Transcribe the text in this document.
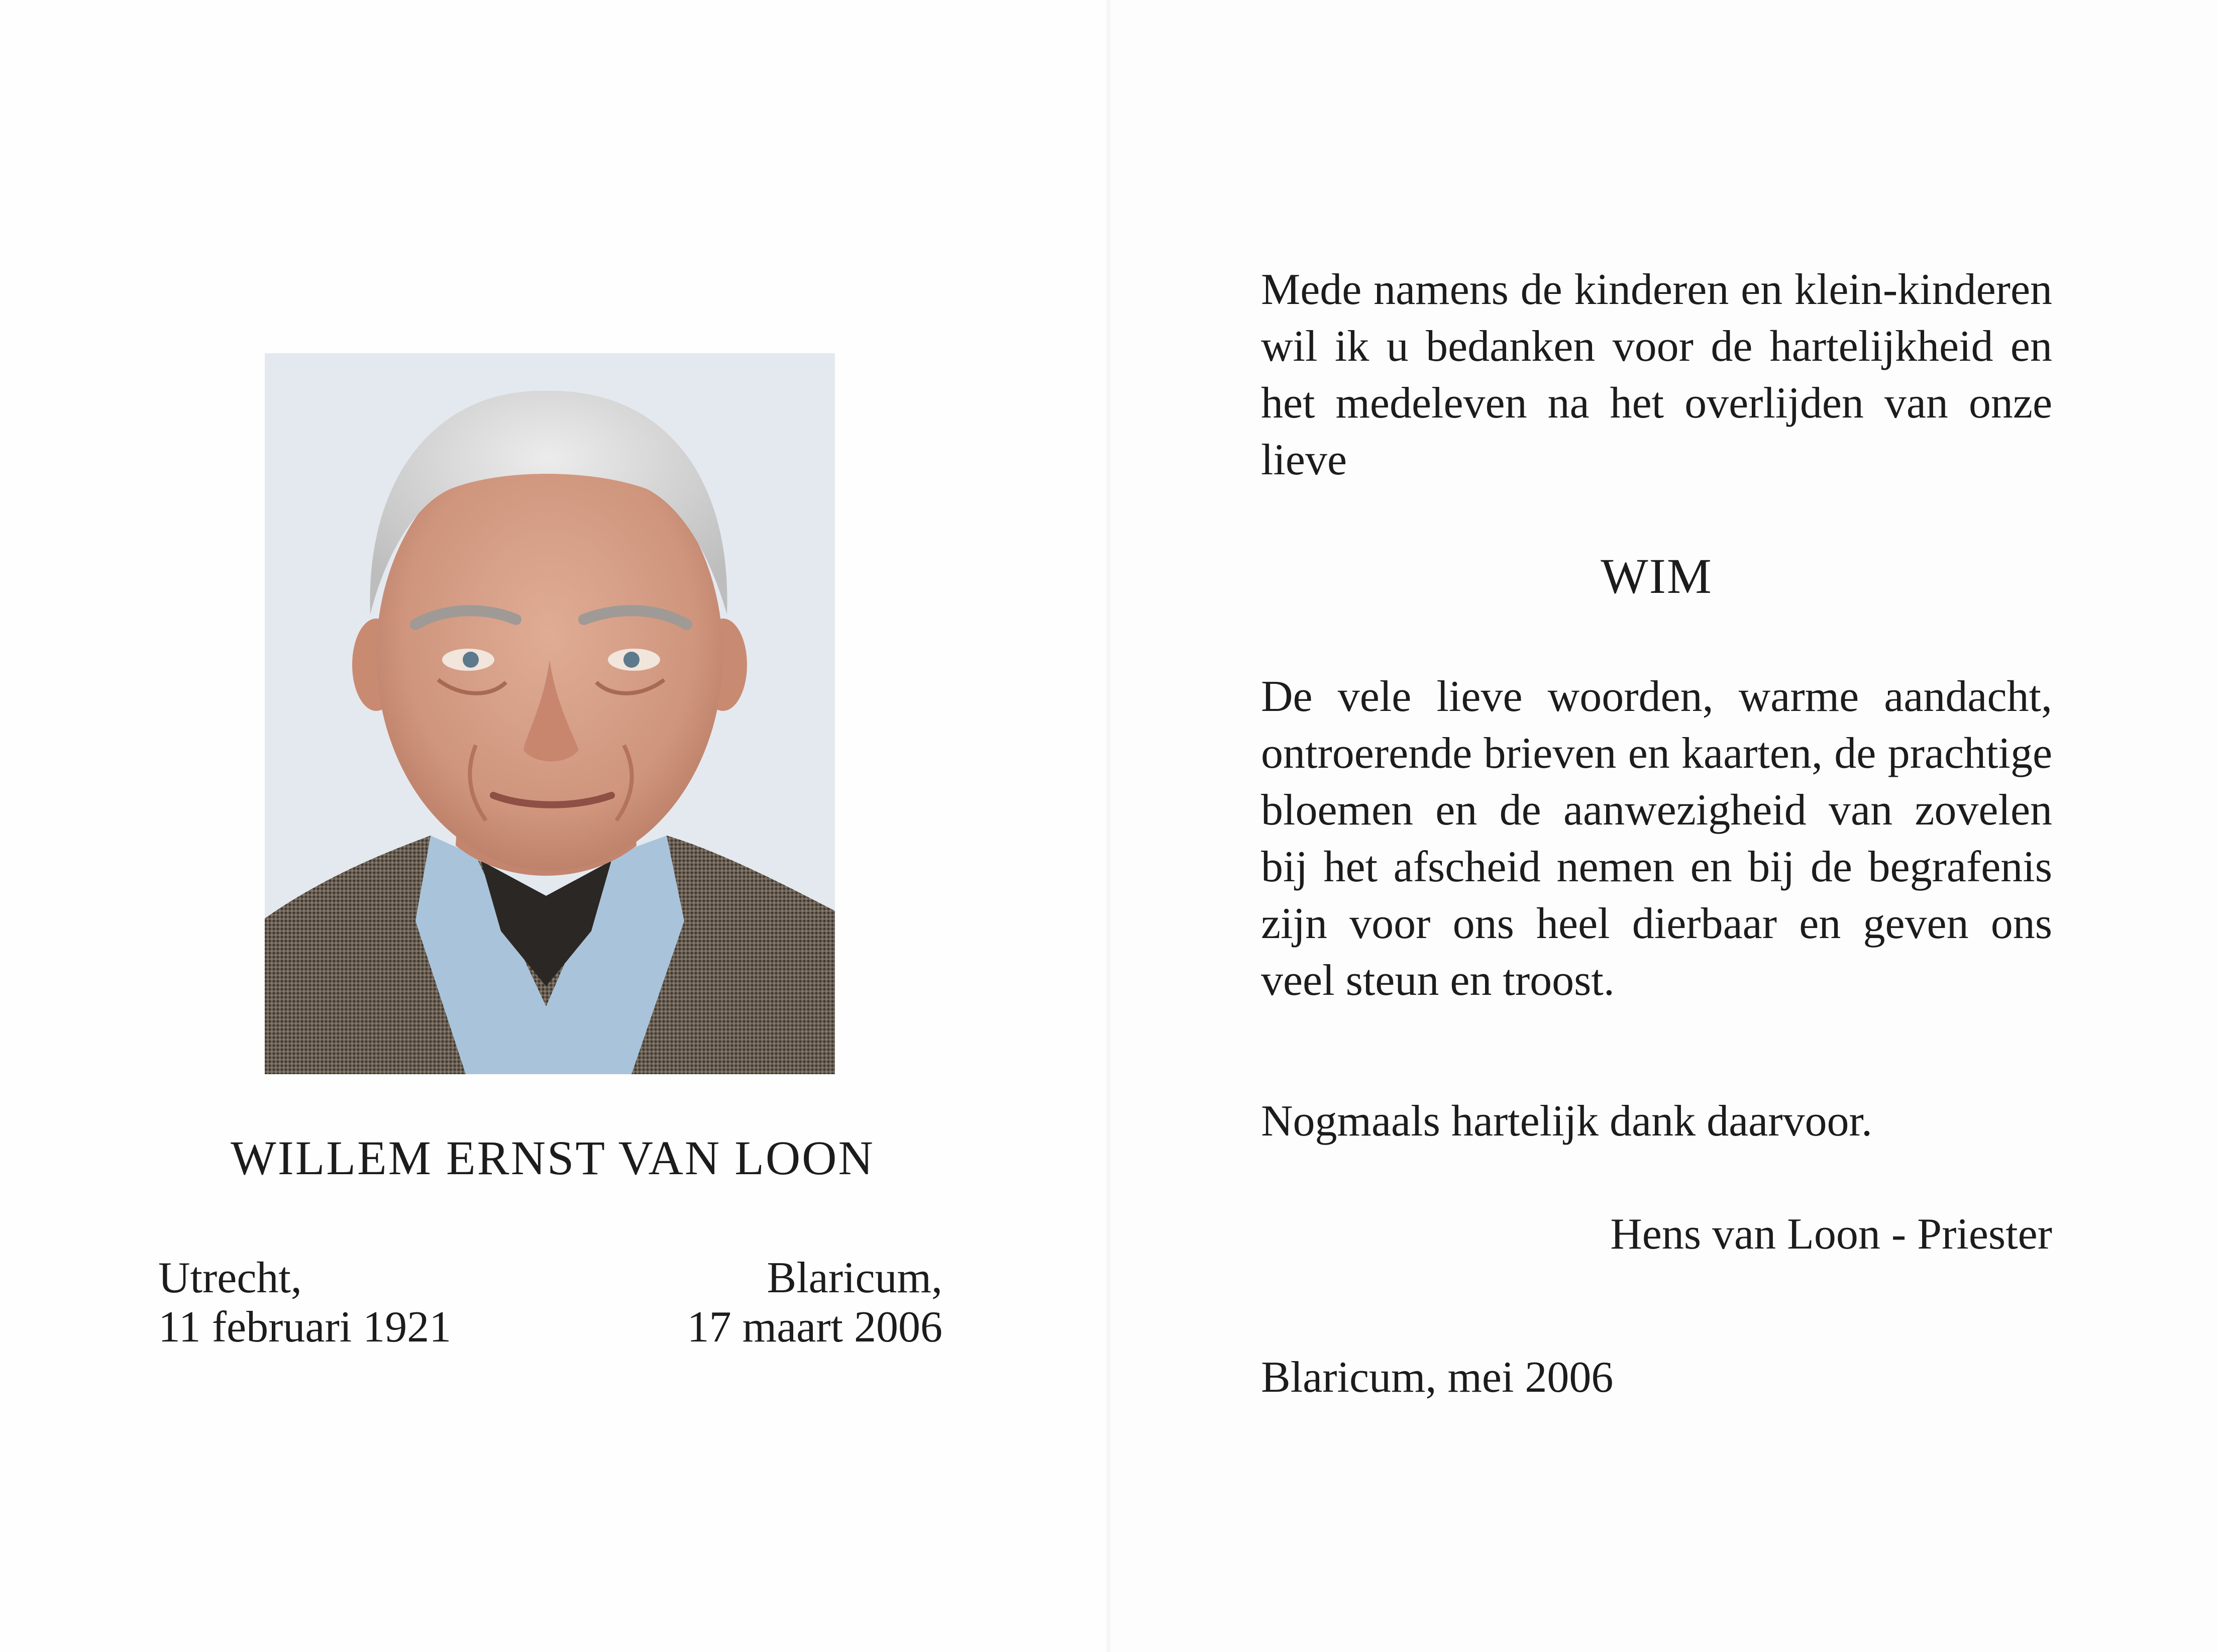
WILLEM ERNST VAN LOON
Utrecht,
11 februari 1921
Blaricum,
17 maart 2006
Mede namens de kinderen en klein-kinderen wil ik u bedanken voor de hartelijkheid en het medeleven na het overlijden van onze lieve
WIM
De vele lieve woorden, warme aandacht, ontroerende brieven en kaarten, de prachtige bloemen en de aanwezigheid van zovelen bij het afscheid nemen en bij de begrafenis zijn voor ons heel dierbaar en geven ons veel steun en troost.
Nogmaals hartelijk dank daarvoor.
Hens van Loon - Priester
Blaricum, mei 2006
